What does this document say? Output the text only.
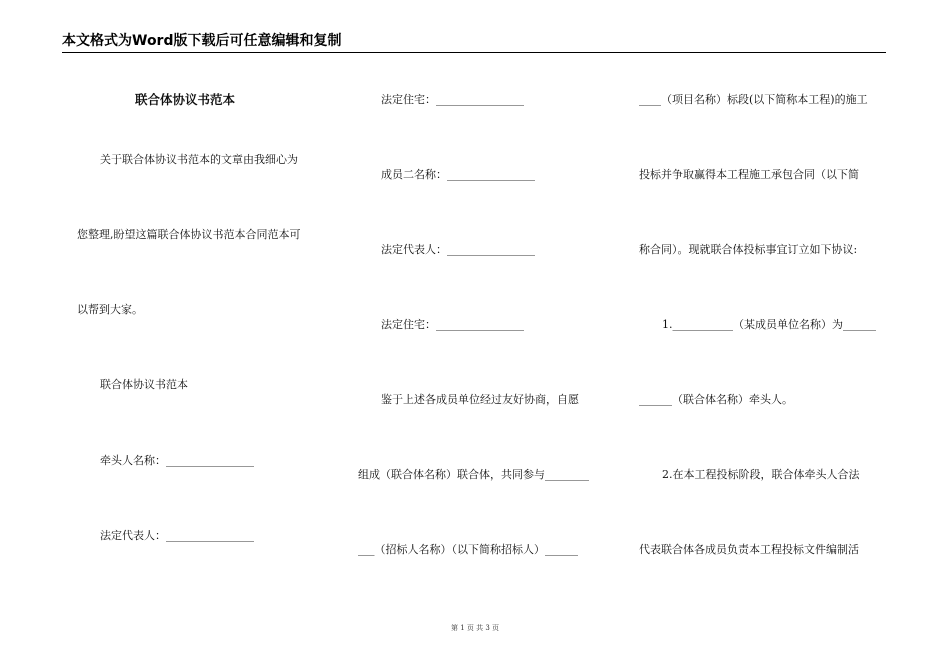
本文格式为Word版下载后可任意编辑和复制
联合体协议书范本
关于联合体协议书范本的文章由我细心为
您整理,盼望这篇联合体协议书范本合同范本可
以帮到大家。
联合体协议书范本
牵头人名称：________________
法定代表人：________________
法定住宅：________________
成员二名称：________________
法定代表人：________________
法定住宅：________________
鉴于上述各成员单位经过友好协商，自愿
组成（联合体名称）联合体，共同参与________
___（招标人名称）（以下简称招标人）______
____（项目名称）标段(以下简称本工程)的施工
投标并争取赢得本工程施工承包合同（以下简
称合同）。现就联合体投标事宜订立如下协议:
1.___________（某成员单位名称）为______
______（联合体名称）牵头人。
2.在本工程投标阶段，联合体牵头人合法
代表联合体各成员负责本工程投标文件编制活
第 1 页 共 3 页
